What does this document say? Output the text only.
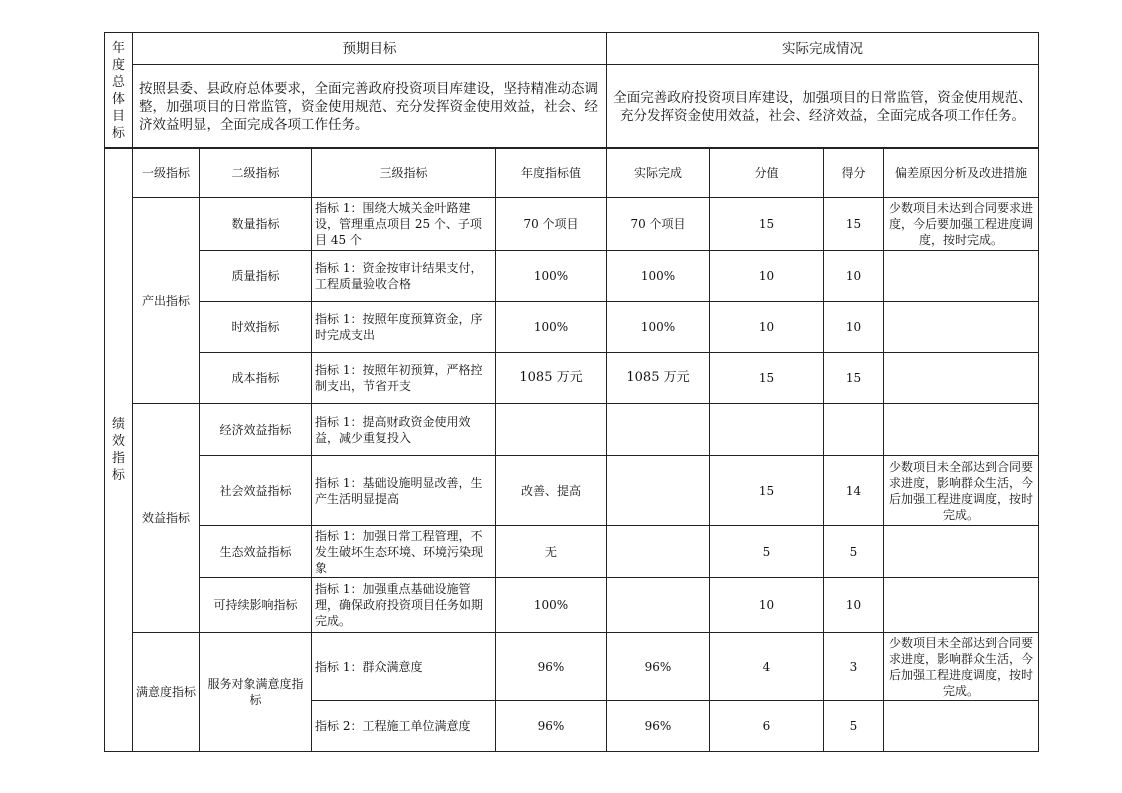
年度总体目标	预期目标	实际完成情况
	按照县委、县政府总体要求，全面完善政府投资项目库建设，坚持精准动态调整，加强项目的日常监管，资金使用规范、充分发挥资金使用效益，社会、经济效益明显，全面完成各项工作任务。	全面完善政府投资项目库建设，加强项目的日常监管，资金使用规范、充分发挥资金使用效益，社会、经济效益，全面完成各项工作任务。
绩效指标	一级指标	二级指标	三级指标	年度指标值	实际完成	分值	得分	偏差原因分析及改进措施
	产出指标	数量指标	指标 1：围绕大城关金叶路建设，管理重点项目 25 个、子项目 45 个	70 个项目	70 个项目	15	15	少数项目未达到合同要求进度，今后要加强工程进度调度，按时完成。
		质量指标	指标 1：资金按审计结果支付，工程质量验收合格	100%	100%	10	10	
		时效指标	指标 1：按照年度预算资金，序时完成支出	100%	100%	10	10	
		成本指标	指标 1：按照年初预算，严格控制支出，节省开支	1085 万元	1085 万元	15	15	
	效益指标	经济效益指标	指标 1：提高财政资金使用效益，减少重复投入					
		社会效益指标	指标 1：基础设施明显改善，生产生活明显提高	改善、提高		15	14	少数项目未全部达到合同要求进度，影响群众生活，今后加强工程进度调度，按时完成。
		生态效益指标	指标 1：加强日常工程管理，不发生破坏生态环境、环境污染现象	无		5	5	
		可持续影响指标	指标 1：加强重点基础设施管理，确保政府投资项目任务如期完成。	100%		10	10	
	满意度指标	服务对象满意度指标	指标 1：群众满意度	96%	96%	4	3	少数项目未全部达到合同要求进度，影响群众生活，今后加强工程进度调度，按时完成。
			指标 2：工程施工单位满意度	96%	96%	6	5	
